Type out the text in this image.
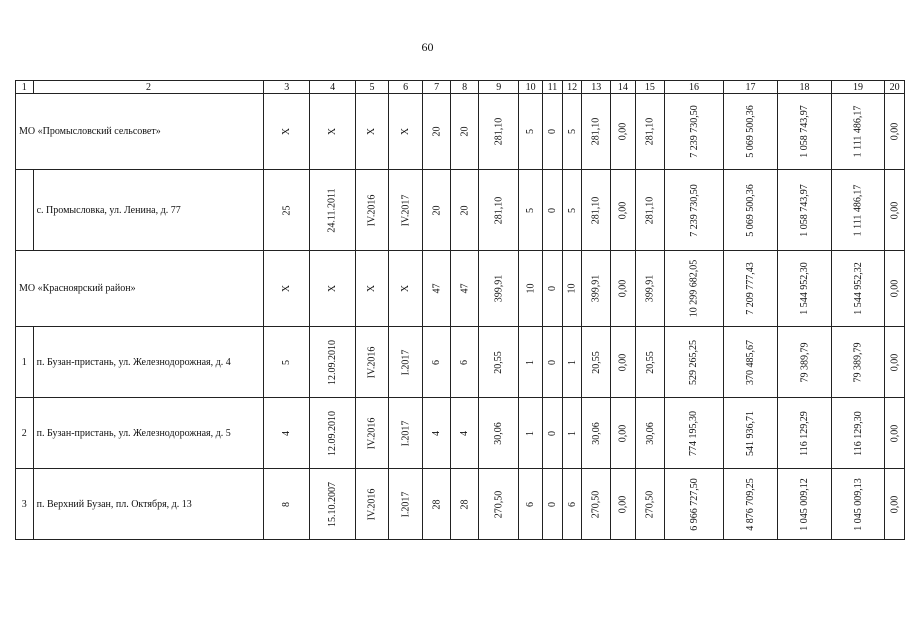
60
1	2	3	4	5	6	7	8	9	10	11	12	13	14	15	16	17	18	19	20
МО «Промысловский сельсовет»		X	X	X	X	20	20	281,10	5	0	5	281,10	0,00	281,10	7 239 730,50	5 069 500,36	1 058 743,97	1 111 486,17	0,00
	с. Промысловка, ул. Ленина, д. 77	25	24.11.2011	IV.2016	IV.2017	20	20	281,10	5	0	5	281,10	0,00	281,10	7 239 730,50	5 069 500,36	1 058 743,97	1 111 486,17	0,00
МО «Красноярский район»		X	X	X	X	47	47	399,91	10	0	10	399,91	0,00	399,91	10 299 682,05	7 209 777,43	1 544 952,30	1 544 952,32	0,00
1	п. Бузан-пристань, ул. Железнодорожная, д. 4	5	12.09.2010	IV.2016	I.2017	6	6	20,55	1	0	1	20,55	0,00	20,55	529 265,25	370 485,67	79 389,79	79 389,79	0,00
2	п. Бузан-пристань, ул. Железнодорожная, д. 5	4	12.09.2010	IV.2016	I.2017	4	4	30,06	1	0	1	30,06	0,00	30,06	774 195,30	541 936,71	116 129,29	116 129,30	0,00
3	п. Верхний Бузан, пл. Октября, д. 13	8	15.10.2007	IV.2016	I.2017	28	28	270,50	6	0	6	270,50	0,00	270,50	6 966 727,50	4 876 709,25	1 045 009,12	1 045 009,13	0,00
